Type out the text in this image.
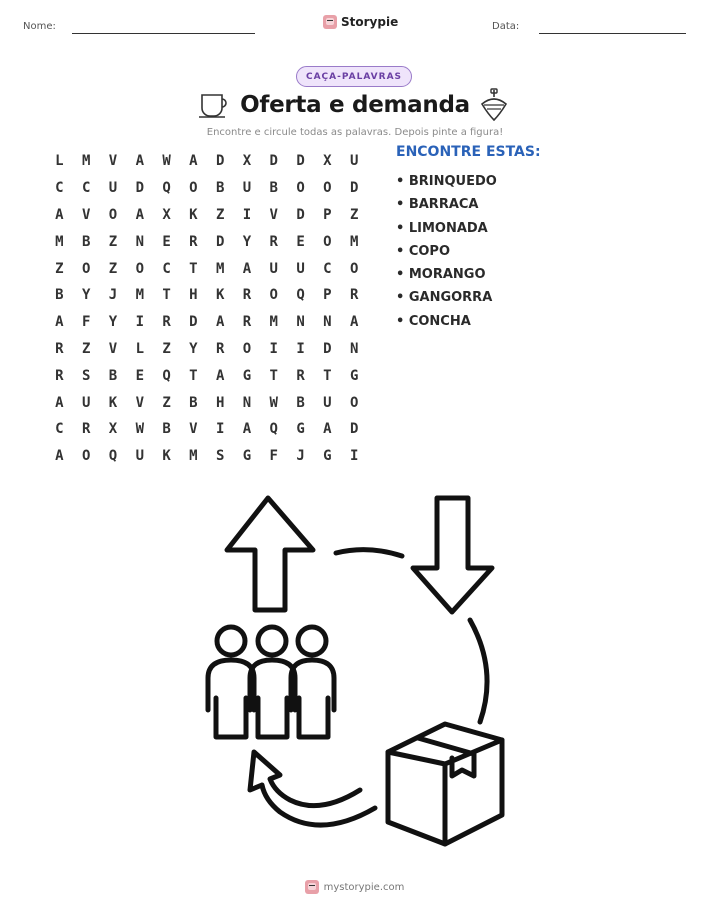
Nome:	Storypie	Data:
CAÇA-PALAVRAS
Oferta e demanda
Encontre e circule todas as palavras. Depois pinte a figura!
L	M	V	A	W	A	D	X	D	D	X	U
C	C	U	D	Q	O	B	U	B	O	O	D
A	V	O	A	X	K	Z	I	V	D	P	Z
M	B	Z	N	E	R	D	Y	R	E	O	M
Z	O	Z	O	C	T	M	A	U	U	C	O
B	Y	J	M	T	H	K	R	O	Q	P	R
A	F	Y	I	R	D	A	R	M	N	N	A
R	Z	V	L	Z	Y	R	O	I	I	D	N
R	S	B	E	Q	T	A	G	T	R	T	G
A	U	K	V	Z	B	H	N	W	B	U	O
C	R	X	W	B	V	I	A	Q	G	A	D
A	O	Q	U	K	M	S	G	F	J	G	I
ENCONTRE ESTAS:
• BRINQUEDO
• BARRACA
• LIMONADA
• COPO
• MORANGO
• GANGORRA
• CONCHA
mystorypie.com
